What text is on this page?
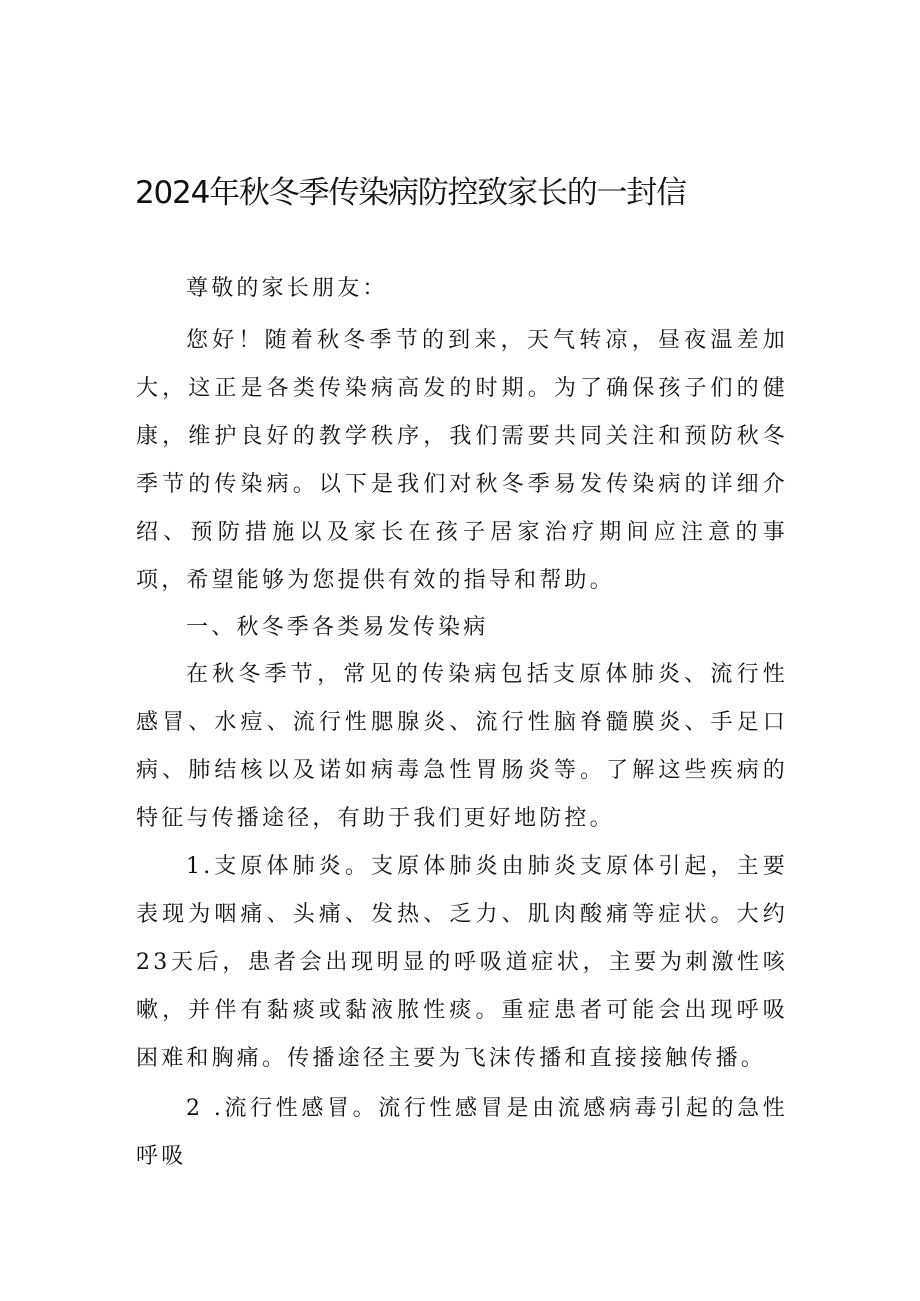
2024年秋冬季传染病防控致家长的一封信

尊敬的家长朋友：

您好！随着秋冬季节的到来，天气转凉，昼夜温差加大，这正是各类传染病高发的时期。为了确保孩子们的健康，维护良好的教学秩序，我们需要共同关注和预防秋冬季节的传染病。以下是我们对秋冬季易发传染病的详细介绍、预防措施以及家长在孩子居家治疗期间应注意的事项，希望能够为您提供有效的指导和帮助。

一、秋冬季各类易发传染病

在秋冬季节，常见的传染病包括支原体肺炎、流行性感冒、水痘、流行性腮腺炎、流行性脑脊髓膜炎、手足口病、肺结核以及诺如病毒急性胃肠炎等。了解这些疾病的特征与传播途径，有助于我们更好地防控。

1.支原体肺炎。支原体肺炎由肺炎支原体引起，主要表现为咽痛、头痛、发热、乏力、肌肉酸痛等症状。大约23天后，患者会出现明显的呼吸道症状，主要为刺激性咳嗽，并伴有黏痰或黏液脓性痰。重症患者可能会出现呼吸困难和胸痛。传播途径主要为飞沫传播和直接接触传播。

2 .流行性感冒。流行性感冒是由流感病毒引起的急性呼吸
